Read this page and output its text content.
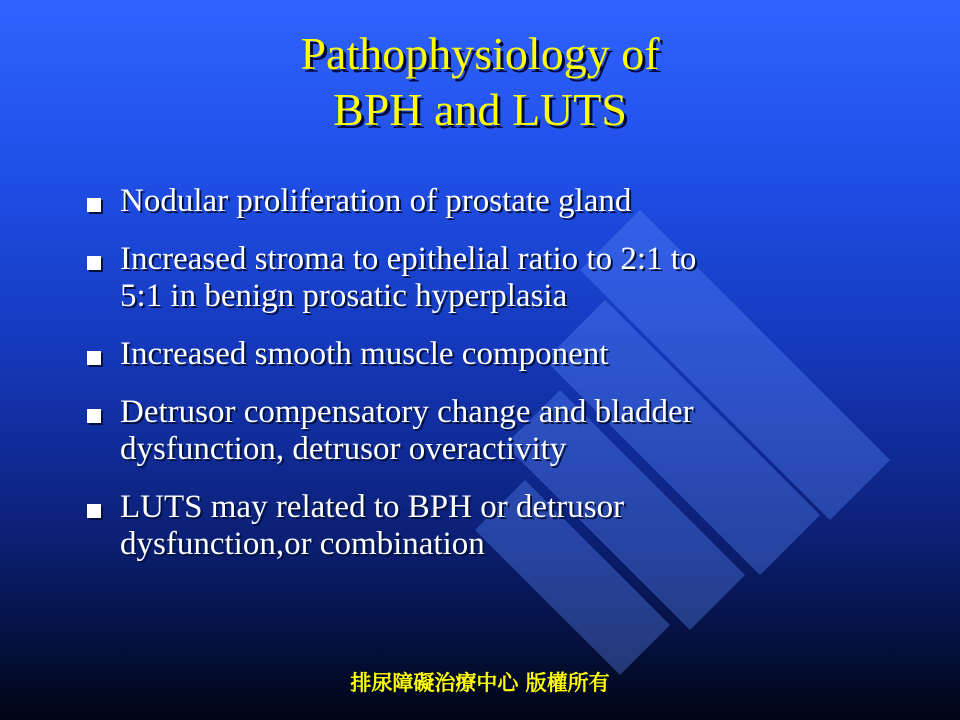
Pathophysiology of
BPH and LUTS
Nodular proliferation of prostate gland
Increased stroma to epithelial ratio to 2:1 to
5:1 in benign prosatic hyperplasia
Increased smooth muscle component
Detrusor compensatory change and bladder
dysfunction, detrusor overactivity
LUTS may related to BPH or detrusor
dysfunction,or combination
排尿障礙治療中心 版權所有
